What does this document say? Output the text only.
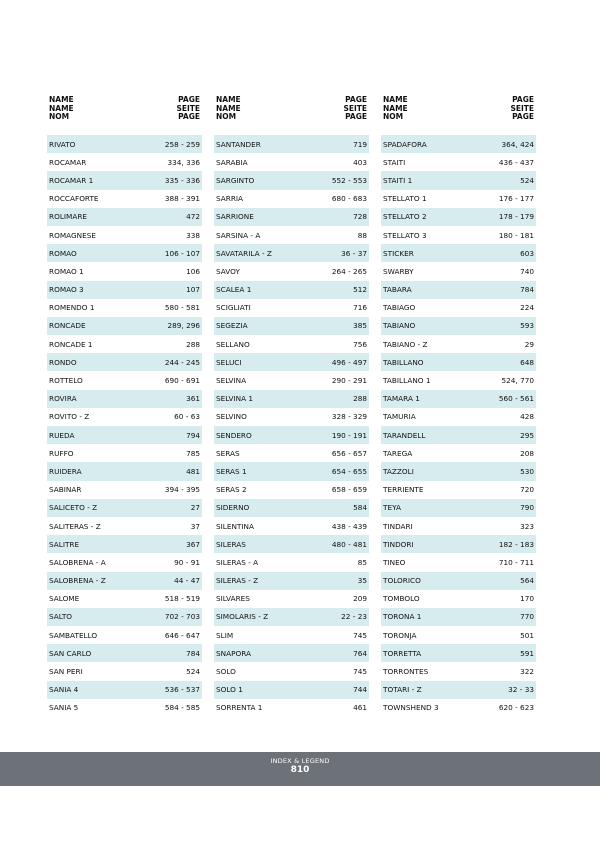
NAME
NAME
NOM
PAGE
SEITE
PAGE
RIVATO	258 - 259
ROCAMAR	334, 336
ROCAMAR 1	335 - 336
ROCCAFORTE	388 - 391
ROLIMARE	472
ROMAGNESE	338
ROMAO	106 - 107
ROMAO 1	106
ROMAO 3	107
ROMENDO 1	580 - 581
RONCADE	289, 296
RONCADE 1	288
RONDO	244 - 245
ROTTELO	690 - 691
ROVIRA	361
ROVITO - Z	60 - 63
RUEDA	794
RUFFO	785
RUIDERA	481
SABINAR	394 - 395
SALICETO - Z	27
SALITERAS - Z	37
SALITRE	367
SALOBRENA - A	90 - 91
SALOBRENA - Z	44 - 47
SALOME	518 - 519
SALTO	702 - 703
SAMBATELLO	646 - 647
SAN CARLO	784
SAN PERI	524
SANIA 4	536 - 537
SANIA 5	584 - 585
NAME
NAME
NOM
PAGE
SEITE
PAGE
SANTANDER	719
SARABIA	403
SARGINTO	552 - 553
SARRIA	680 - 683
SARRIONE	728
SARSINA - A	88
SAVATARILA - Z	36 - 37
SAVOY	264 - 265
SCALEA 1	512
SCIGLIATI	716
SEGEZIA	385
SELLANO	756
SELUCI	496 - 497
SELVINA	290 - 291
SELVINA 1	288
SELVINO	328 - 329
SENDERO	190 - 191
SERAS	656 - 657
SERAS 1	654 - 655
SERAS 2	658 - 659
SIDERNO	584
SILENTINA	438 - 439
SILERAS	480 - 481
SILERAS - A	85
SILERAS - Z	35
SILVARES	209
SIMOLARIS - Z	22 - 23
SLIM	745
SNAPORA	764
SOLO	745
SOLO 1	744
SORRENTA 1	461
NAME
NAME
NOM
PAGE
SEITE
PAGE
SPADAFORA	364, 424
STAITI	436 - 437
STAITI 1	524
STELLATO 1	176 - 177
STELLATO 2	178 - 179
STELLATO 3	180 - 181
STICKER	603
SWARBY	740
TABARA	784
TABIAGO	224
TABIANO	593
TABIANO - Z	29
TABILLANO	648
TABILLANO 1	524, 770
TAMARA 1	560 - 561
TAMURIA	428
TARANDELL	295
TAREGA	208
TAZZOLI	530
TERRIENTE	720
TEYA	790
TINDARI	323
TINDORI	182 - 183
TINEO	710 - 711
TOLORICO	564
TOMBOLO	170
TORONA 1	770
TORONJA	501
TORRETTA	591
TORRONTES	322
TOTARI - Z	32 - 33
TOWNSHEND 3	620 - 623
INDEX & LEGEND
810
